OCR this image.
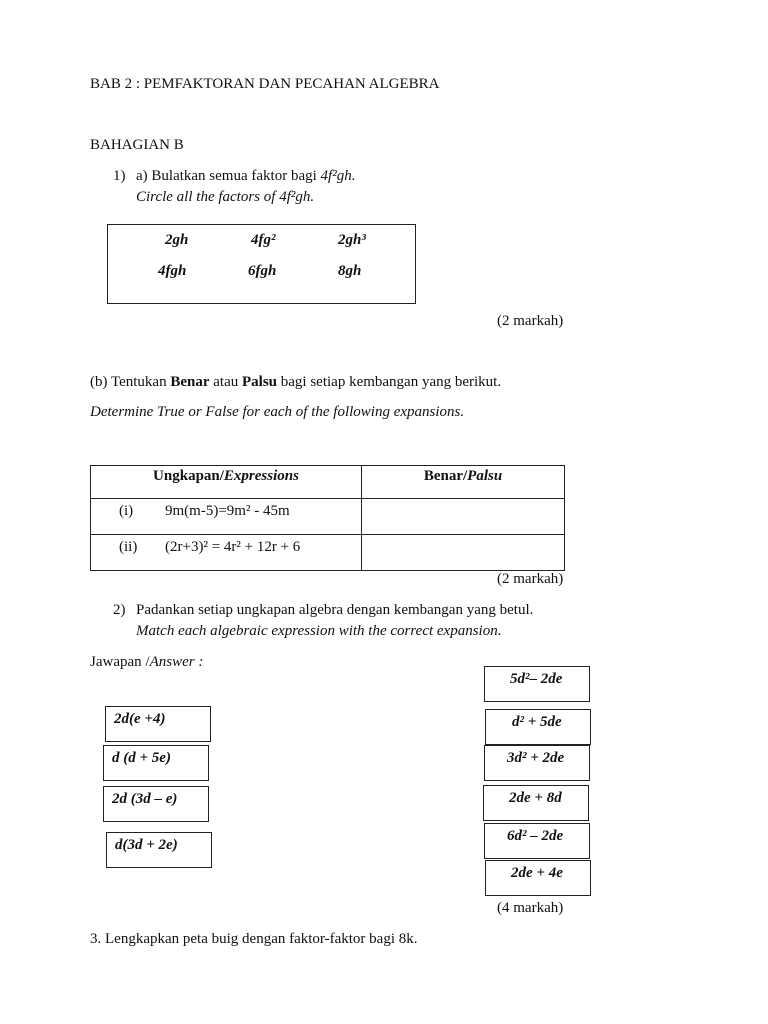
BAB 2 : PEMFAKTORAN DAN PECAHAN ALGEBRA
BAHAGIAN B
1) a) Bulatkan semua faktor bagi 4f²gh.
Circle all the factors of 4f²gh.
2gh	4fg²	2gh³
4fgh	6fgh	8gh
(2 markah)
(b) Tentukan Benar atau Palsu bagi setiap kembangan yang berikut.
Determine True or False for each of the following expansions.
Ungkapan/Expressions	Benar/Palsu

(i) 9m(m-5)=9m² - 45m	

(ii) (2r+3)² = 4r² + 12r + 6	

(2 markah)
2) Padankan setiap ungkapan algebra dengan kembangan yang betul.
Match each algebraic expression with the correct expansion.
Jawapan /Answer :
2d(e +4)
d (d + 5e)
2d (3d – e)
d(3d + 2e)
5d²– 2de
d² + 5de
3d² + 2de
2de + 8d
6d² – 2de
2de + 4e
(4 markah)
3. Lengkapkan peta buig dengan faktor-faktor bagi 8k.
